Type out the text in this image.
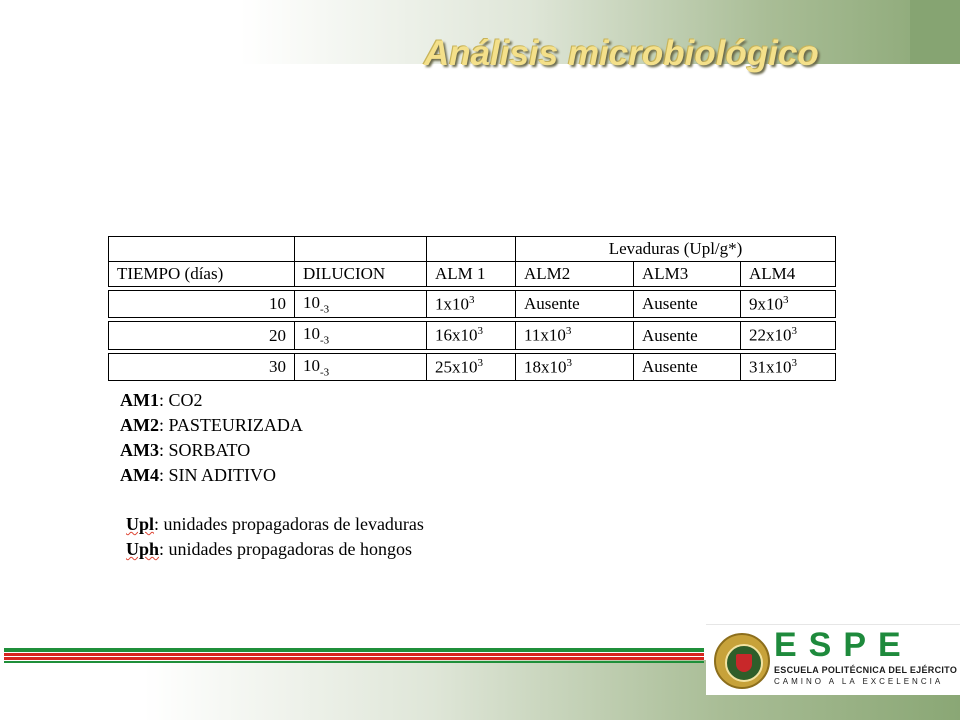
Análisis microbiológico
			Levaduras (Upl/g*)		
TIEMPO (días)	DILUCION	ALM 1	ALM2	ALM3	ALM4

10	$10_{-3}$	$1x10^3$	Ausente	Ausente	$9x10^3$

20	$10_{-3}$	$16x10^3$	$11x10^3$	Ausente	$22x10^3$

30	$10_{-3}$	$25x10^3$	$18x10^3$	Ausente	$31x10^3$
AM1: CO2
AM2: PASTEURIZADA
AM3: SORBATO
AM4: SIN ADITIVO
Upl: unidades propagadoras de levaduras
Uph: unidades propagadoras de hongos
ESPE
ESCUELA POLITÉCNICA DEL EJÉRCITO
CAMINO A LA EXCELENCIA
